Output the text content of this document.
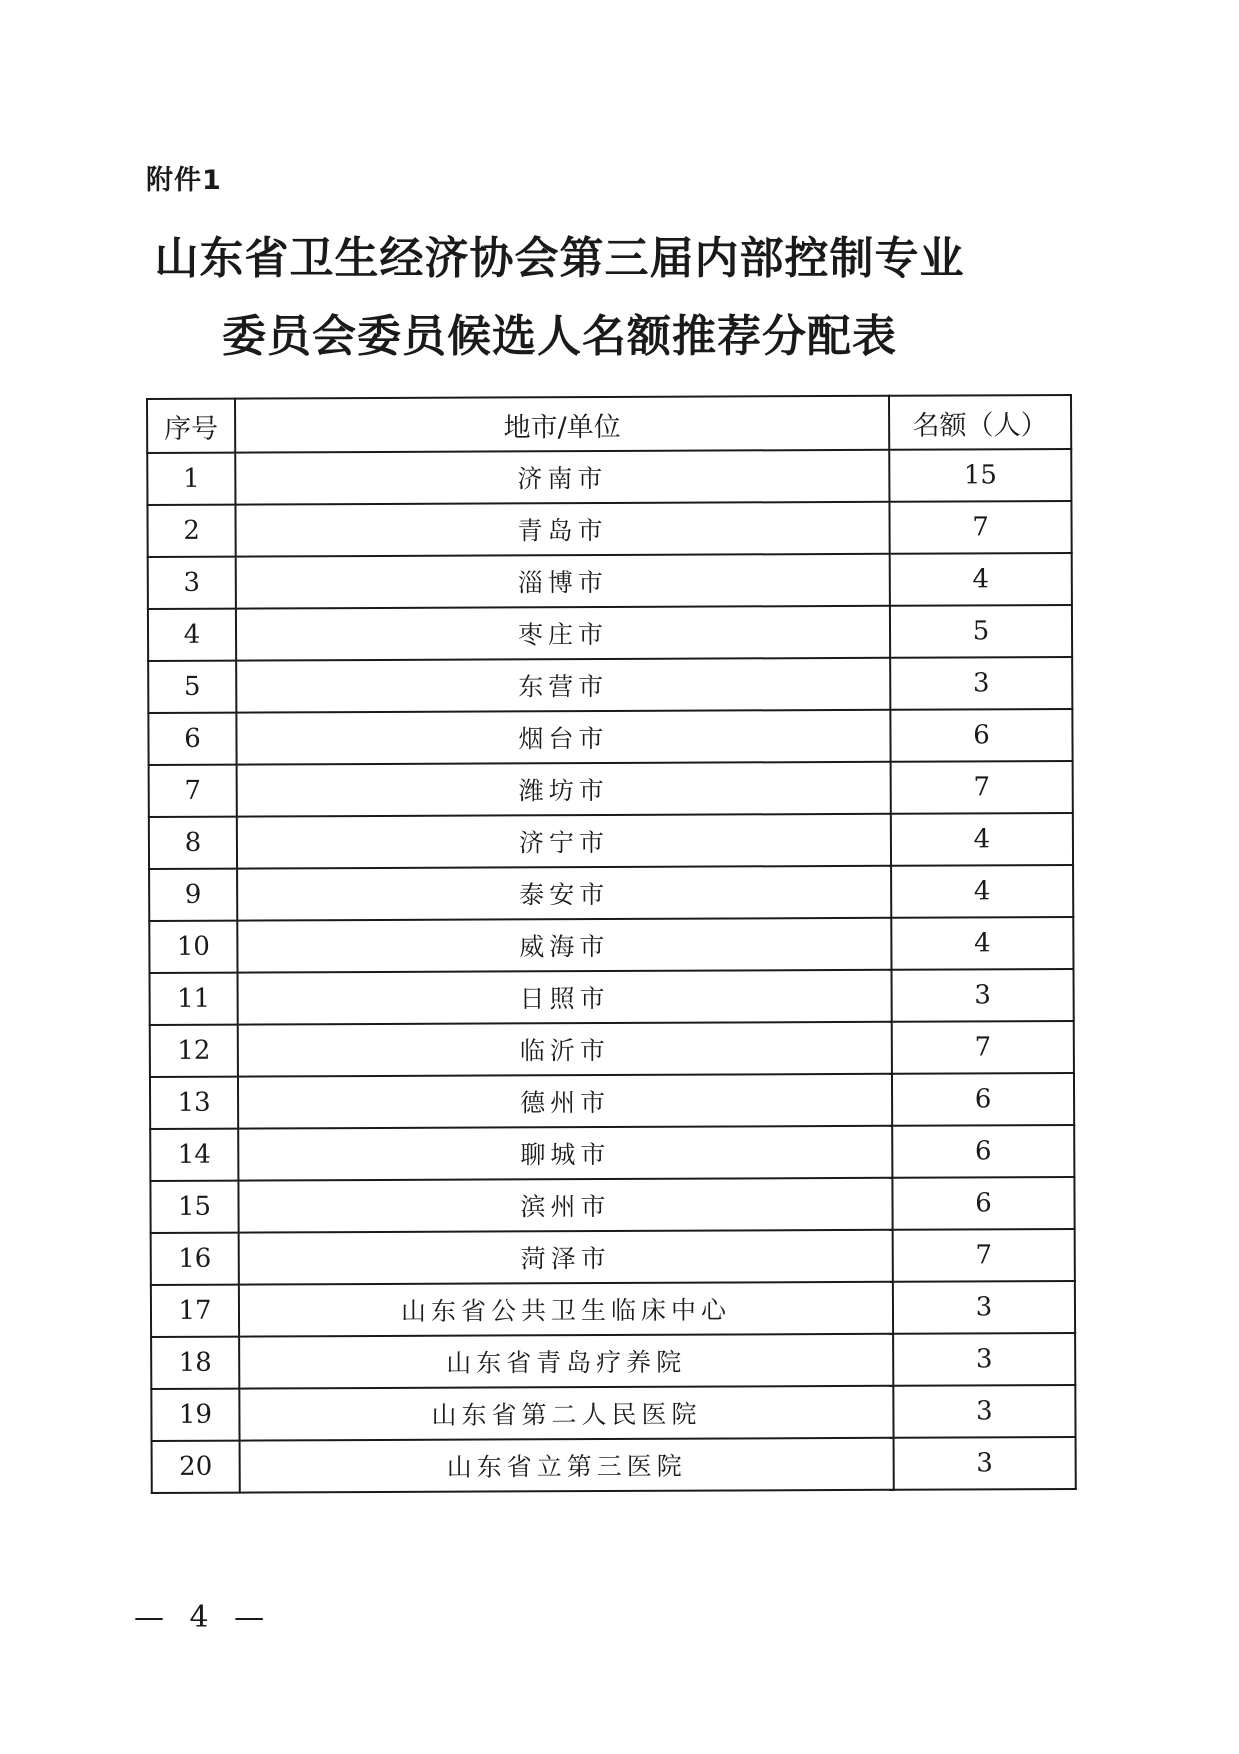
附件1
山东省卫生经济协会第三届内部控制专业
委员会委员候选人名额推荐分配表
序号	地市/单位	名额（人）
1	济南市	15
2	青岛市	7
3	淄博市	4
4	枣庄市	5
5	东营市	3
6	烟台市	6
7	潍坊市	7
8	济宁市	4
9	泰安市	4
10	威海市	4
11	日照市	3
12	临沂市	7
13	德州市	6
14	聊城市	6
15	滨州市	6
16	菏泽市	7
17	山东省公共卫生临床中心	3
18	山东省青岛疗养院	3
19	山东省第二人民医院	3
20	山东省立第三医院	3
— 4 —
